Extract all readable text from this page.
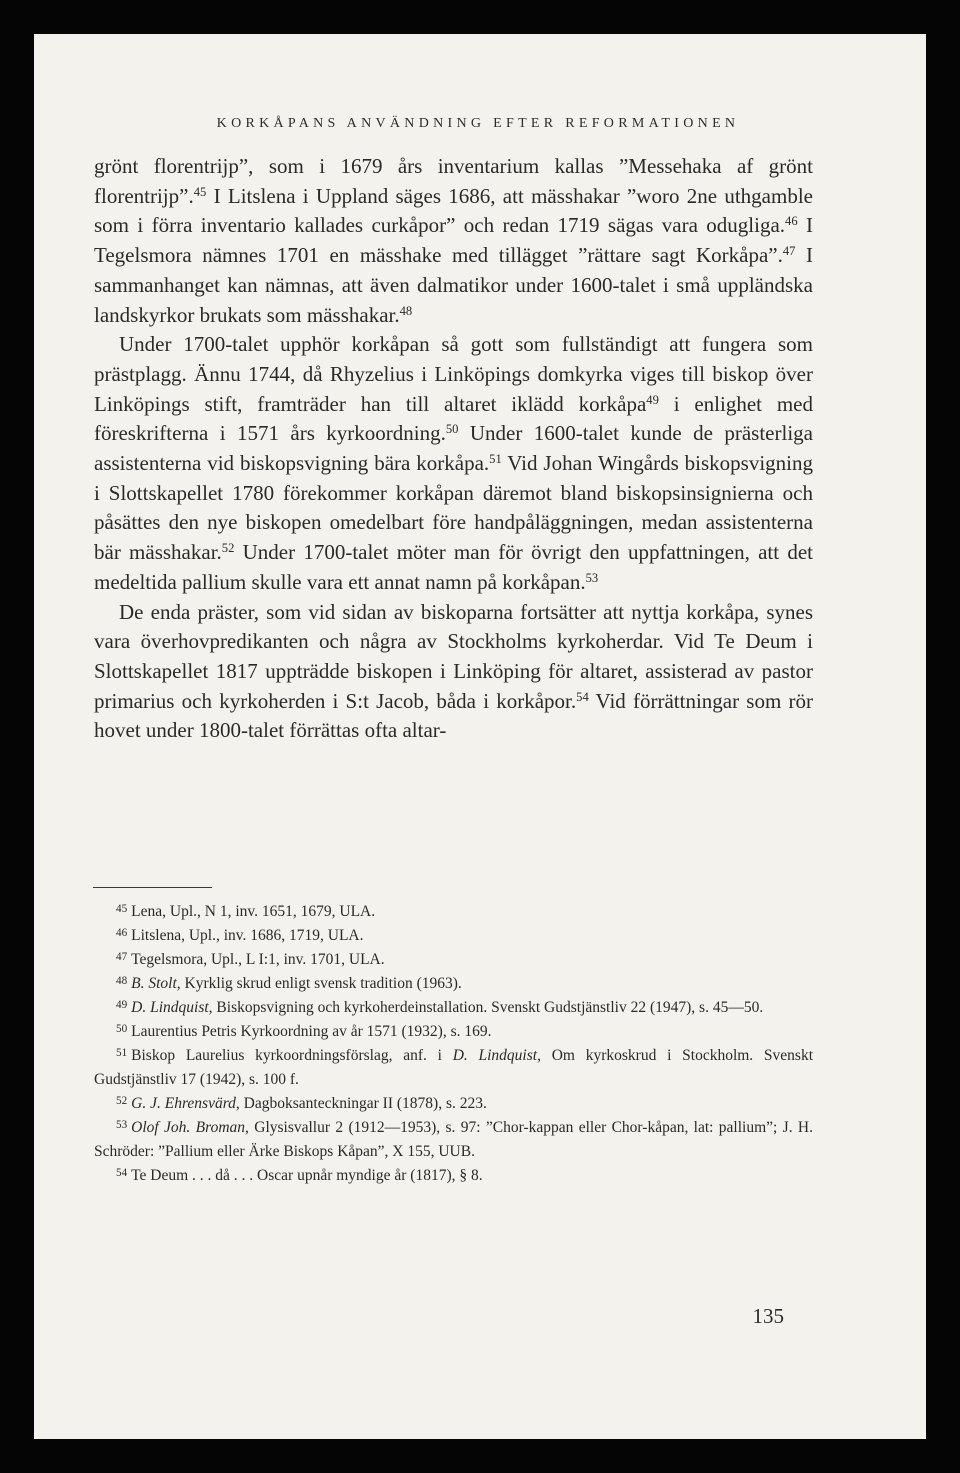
KORKÅPANS ANVÄNDNING EFTER REFORMATIONEN

grönt florentrijp”, som i 1679 års inventarium kallas ”Messehaka af grönt florentrijp”.$^{45}$ I Litslena i Uppland säges 1686, att mässhakar ”woro 2ne uthgamble som i förra inventario kallades curkåpor” och redan 1719 sägas vara odugliga.$^{46}$ I Tegelsmora nämnes 1701 en mässhake med tillägget ”rättare sagt Korkåpa”.$^{47}$ I sammanhanget kan nämnas, att även dalmatikor under 1600-talet i små uppländska landskyrkor brukats som mässhakar.$^{48}$

Under 1700-talet upphör korkåpan så gott som fullständigt att fungera som prästplagg. Ännu 1744, då Rhyzelius i Linköpings domkyrka viges till biskop över Linköpings stift, framträder han till altaret iklädd korkåpa$^{49}$ i enlighet med föreskrifterna i 1571 års kyrkoordning.$^{50}$ Under 1600-talet kunde de prästerliga assistenterna vid biskopsvigning bära korkåpa.$^{51}$ Vid Johan Wingårds biskopsvigning i Slottskapellet 1780 förekommer korkåpan däremot bland biskopsinsignierna och påsättes den nye biskopen omedelbart före handpåläggningen, medan assistenterna bär mässhakar.$^{52}$ Under 1700-talet möter man för övrigt den uppfattningen, att det medeltida pallium skulle vara ett annat namn på korkåpan.$^{53}$

De enda präster, som vid sidan av biskoparna fortsätter att nyttja korkåpa, synes vara överhovpredikanten och några av Stockholms kyrkoherdar. Vid Te Deum i Slottskapellet 1817 uppträdde biskopen i Linköping för altaret, assisterad av pastor primarius och kyrkoherden i S:t Jacob, båda i korkåpor.$^{54}$ Vid förrättningar som rör hovet under 1800-talet förrättas ofta altar-

$^{45}$ Lena, Upl., N 1, inv. 1651, 1679, ULA.

$^{46}$ Litslena, Upl., inv. 1686, 1719, ULA.

$^{47}$ Tegelsmora, Upl., L I:1, inv. 1701, ULA.

$^{48}$ B. Stolt, Kyrklig skrud enligt svensk tradition (1963).

$^{49}$ D. Lindquist, Biskopsvigning och kyrkoherdeinstallation. Svenskt Gudstjänstliv 22 (1947), s. 45—50.

$^{50}$ Laurentius Petris Kyrkoordning av år 1571 (1932), s. 169.

$^{51}$ Biskop Laurelius kyrkoordningsförslag, anf. i D. Lindquist, Om kyrkoskrud i Stockholm. Svenskt Gudstjänstliv 17 (1942), s. 100 f.

$^{52}$ G. J. Ehrensvärd, Dagboksanteckningar II (1878), s. 223.

$^{53}$ Olof Joh. Broman, Glysisvallur 2 (1912—1953), s. 97: ”Chor-kappan eller Chor-kåpan, lat: pallium”; J. H. Schröder: ”Pallium eller Ärke Biskops Kåpan”, X 155, UUB.

$^{54}$ Te Deum . . . då . . . Oscar upnår myndige år (1817), § 8.

135
